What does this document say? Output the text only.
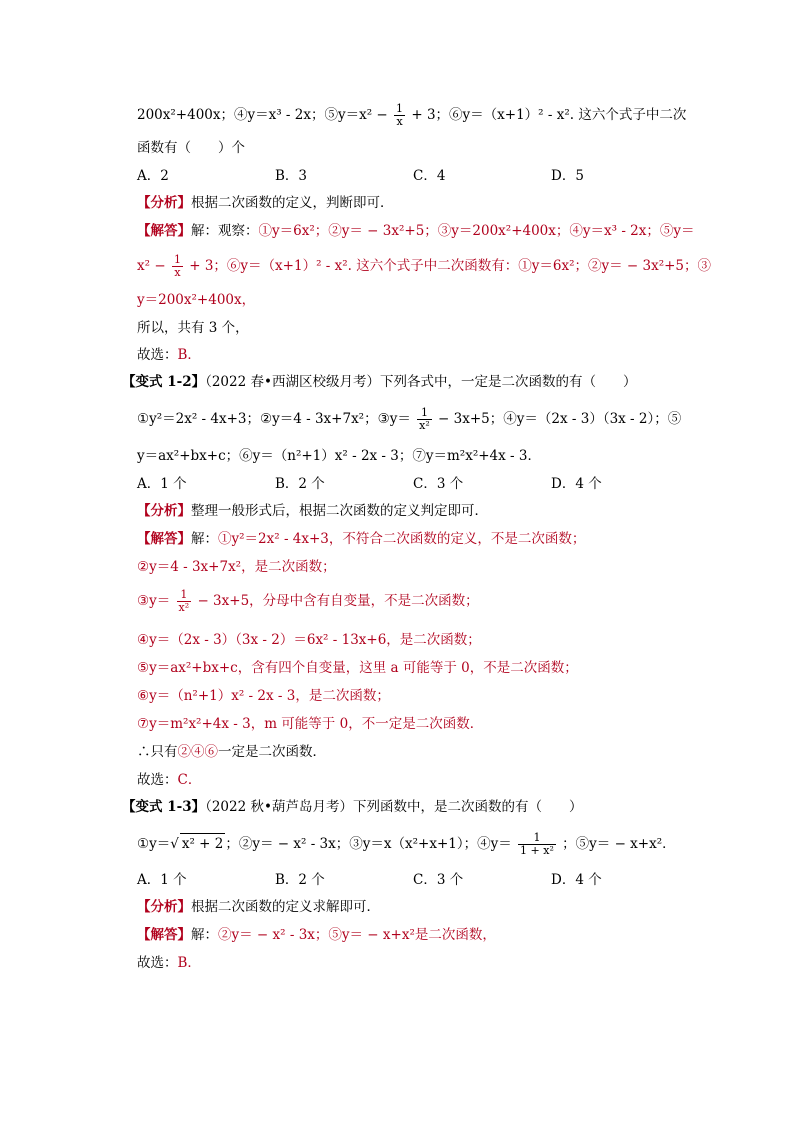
200x²+400x；④y＝x³ - 2x；⑤y＝x² − $\frac{1}{x} + 3$；⑥y＝（x+1）² - x². 这六个式子中二次
函数有（　　）个
A．2	B．3	C．4	D．5
【分析】根据二次函数的定义，判断即可．
【解答】解：观察：①y＝6x²；②y＝ − 3x²+5；③y＝200x²+400x；④y＝x³ - 2x；⑤y＝
$x^2 - \frac{1}{x} + 3$；⑥y＝（x+1）² - x². 这六个式子中二次函数有：①y＝6x²；②y＝ − 3x²+5；③
y＝200x²+400x，
所以，共有 3 个，
故选：B．
【变式 1-2】（2022 春•西湖区校级月考）下列各式中，一定是二次函数的有（　　）
①y²＝2x² - 4x+3；②y＝4 - 3x+7x²；③y＝ $\frac{1}{\text{x²}} - 3x+5$；④y＝（2x - 3）（3x - 2）；⑤
y＝ax²+bx+c；⑥y＝（n²+1）x² - 2x - 3；⑦y＝m²x²+4x - 3．
A．1 个	B．2 个	C．3 个	D．4 个
【分析】整理一般形式后，根据二次函数的定义判定即可．
【解答】解：①y²＝2x² - 4x+3，不符合二次函数的定义，不是二次函数；
②y＝4 - 3x+7x²，是二次函数；
③y＝ $\frac{1}{\text{x²}} - 3x+5$，分母中含有自变量，不是二次函数；
④y＝（2x - 3）（3x - 2）＝6x² - 13x+6，是二次函数；
⑤y＝ax²+bx+c，含有四个自变量，这里 a 可能等于 0，不是二次函数；
⑥y＝（n²+1）x² - 2x - 3，是二次函数；
⑦y＝m²x²+4x - 3，m 可能等于 0，不一定是二次函数．
∴只有②④⑥一定是二次函数．
故选：C．
【变式 1-3】（2022 秋•葫芦岛月考）下列函数中，是二次函数的有（　　）
①y＝√ x² + 2 ；②y＝ − x² - 3x；③y＝x（x²+x+1）；④y＝ $\frac{1}{\text{1 + x²}}$ ；⑤y＝ − x+x²．
A．1 个	B．2 个	C．3 个	D．4 个
【分析】根据二次函数的定义求解即可．
【解答】解：②y＝ − x² - 3x；⑤y＝ − x+x²是二次函数，
故选：B．
